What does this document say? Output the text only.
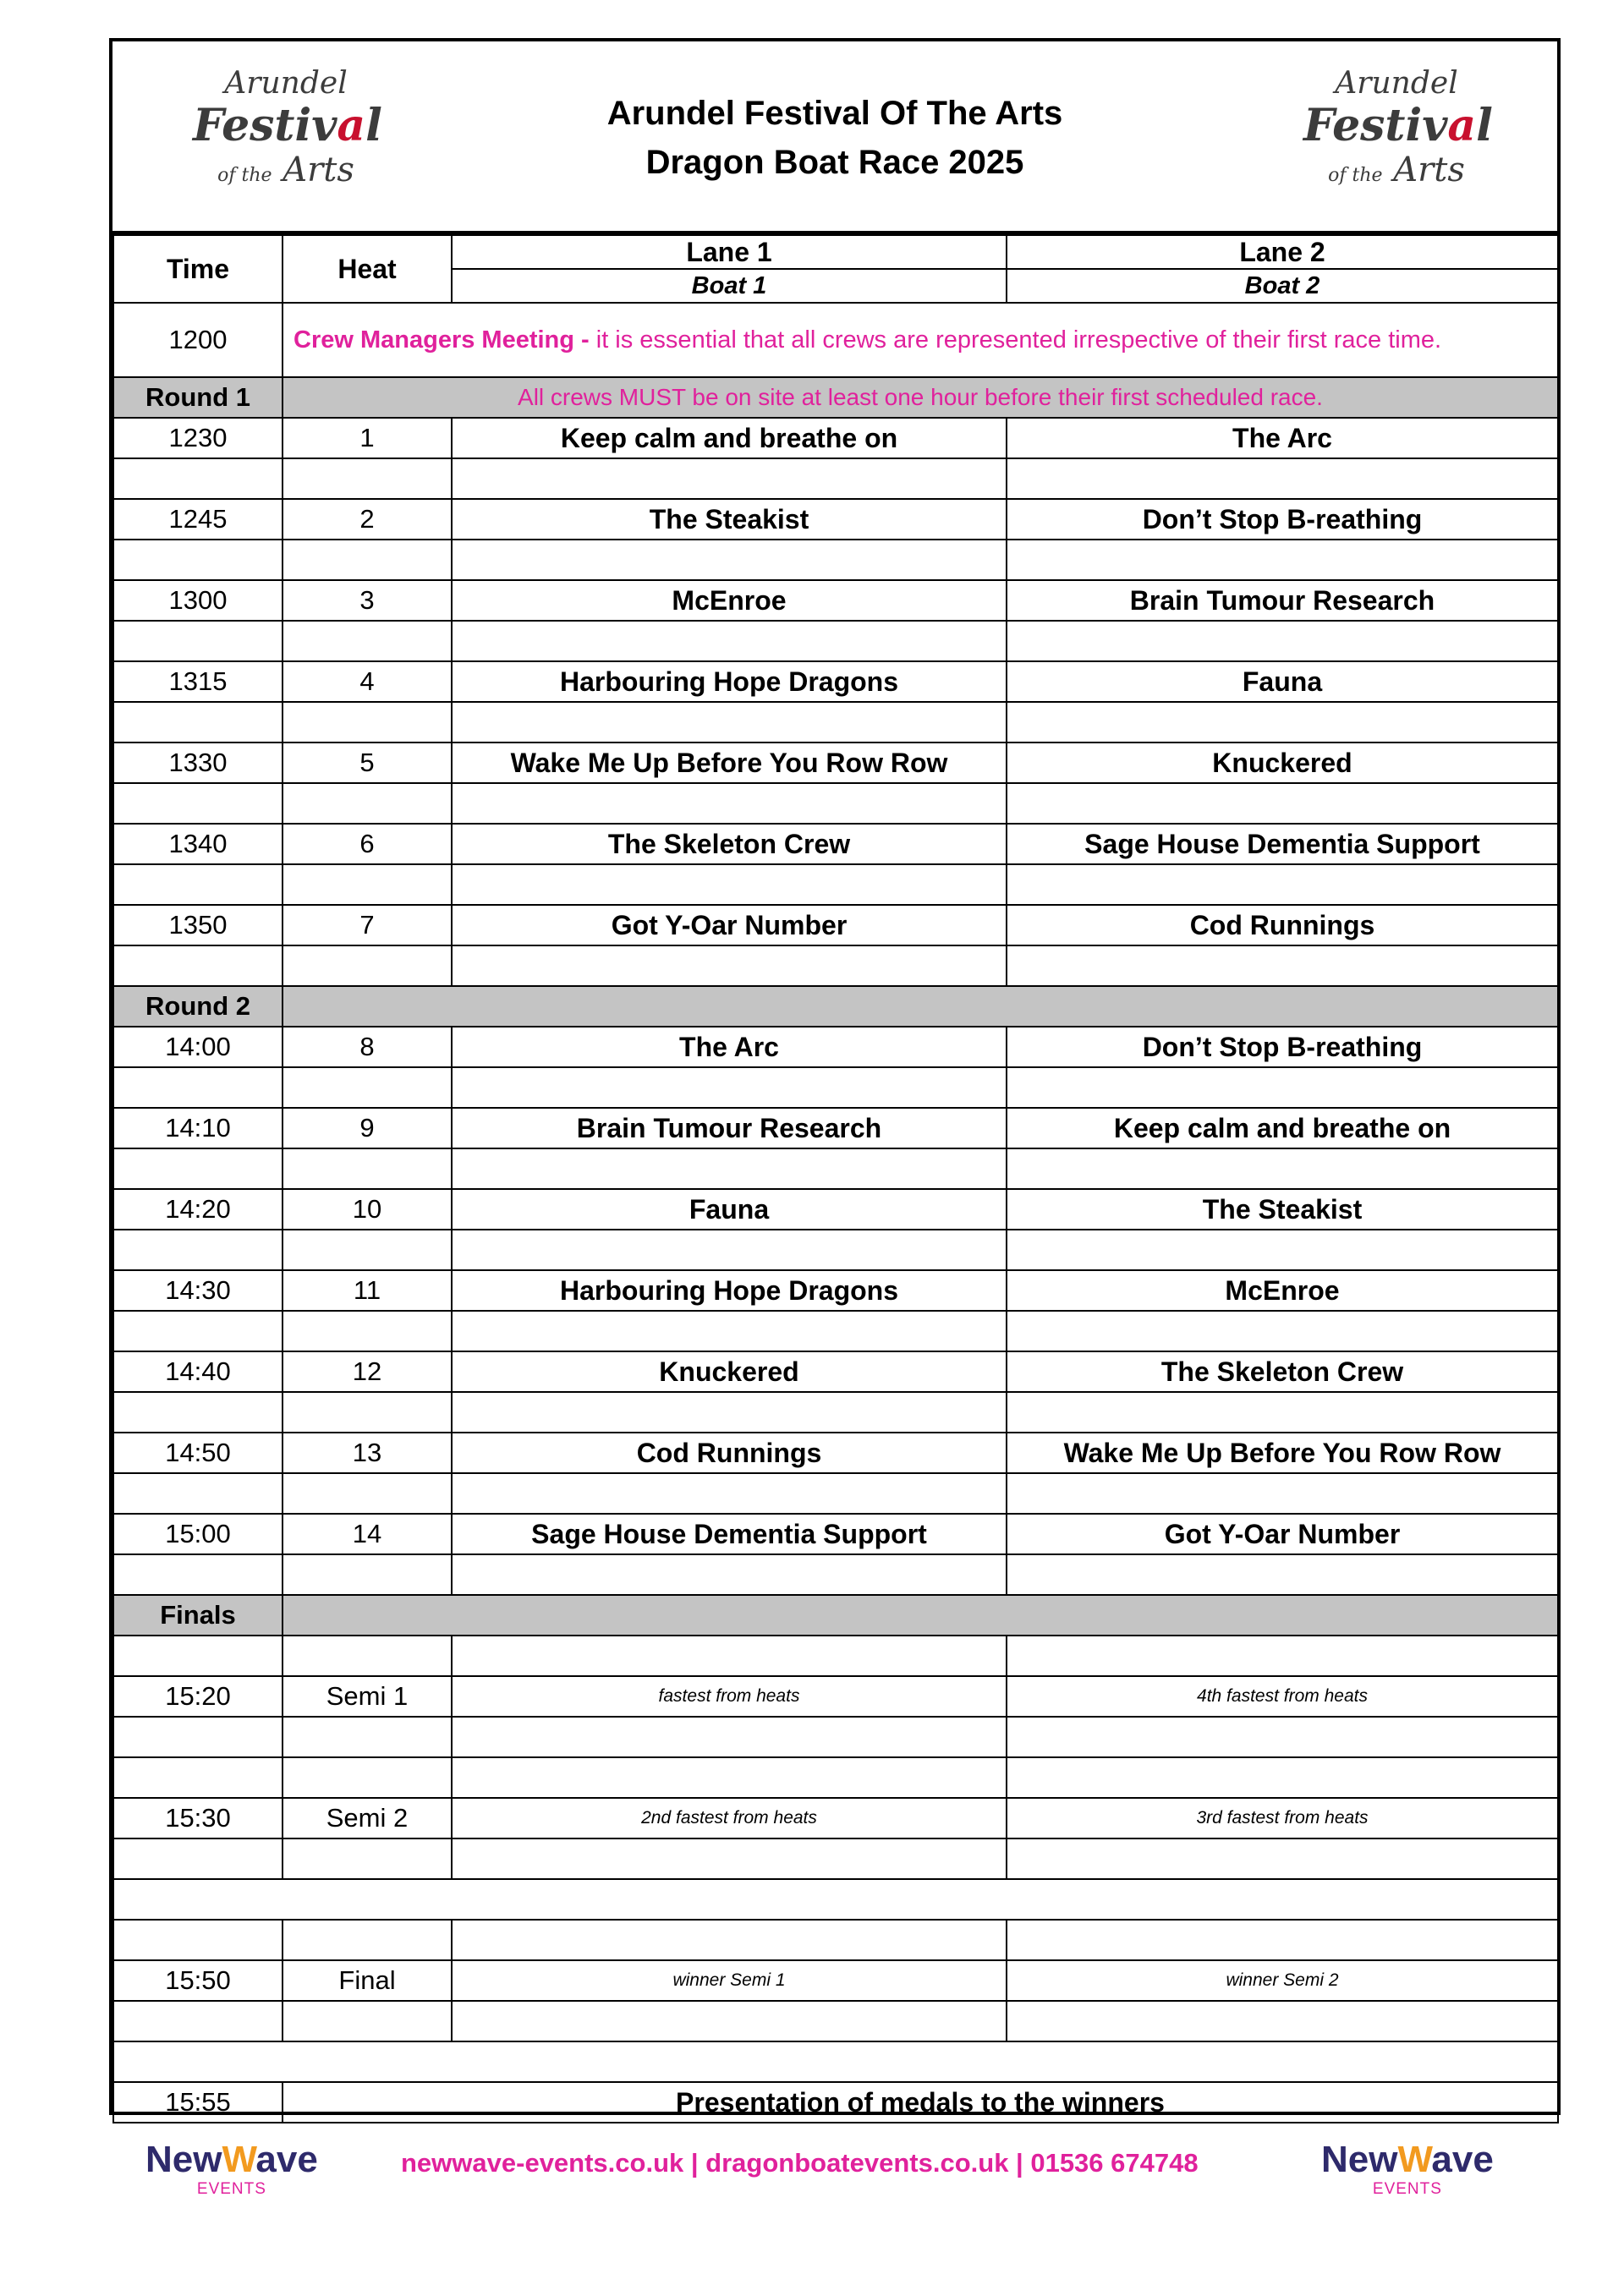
Arundel
Festival
of the Arts
Arundel Festival Of The Arts
Dragon Boat Race 2025
Arundel
Festival
of the Arts
Time	Heat	Lane 1	Lane 2
		Boat 1	Boat 2
1200	Crew Managers Meeting - it is essential that all crews are represented irrespective of their first race time.		
Round 1	All crews MUST be on site at least one hour before their first scheduled race.		
1230	1	Keep calm and breathe on	The Arc

1245	2	The Steakist	Don’t Stop B-reathing

1300	3	McEnroe	Brain Tumour Research

1315	4	Harbouring Hope Dragons	Fauna

1330	5	Wake Me Up Before You Row Row	Knuckered

1340	6	The Skeleton Crew	Sage House Dementia Support

1350	7	Got Y-Oar Number	Cod Runnings

Round 2			
14:00	8	The Arc	Don’t Stop B-reathing

14:10	9	Brain Tumour Research	Keep calm and breathe on

14:20	10	Fauna	The Steakist

14:30	11	Harbouring Hope Dragons	McEnroe

14:40	12	Knuckered	The Skeleton Crew

14:50	13	Cod Runnings	Wake Me Up Before You Row Row

15:00	14	Sage House Dementia Support	Got Y-Oar Number

Finals			

15:20	Semi 1	fastest from heats	4th fastest from heats

15:30	Semi 2	2nd fastest from heats	3rd fastest from heats

15:50	Final	winner Semi 1	winner Semi 2

15:55	Presentation of medals to the winners		
NewWave
EVENTS
newwave-events.co.uk | dragonboatevents.co.uk | 01536 674748	NewWave
EVENTS
